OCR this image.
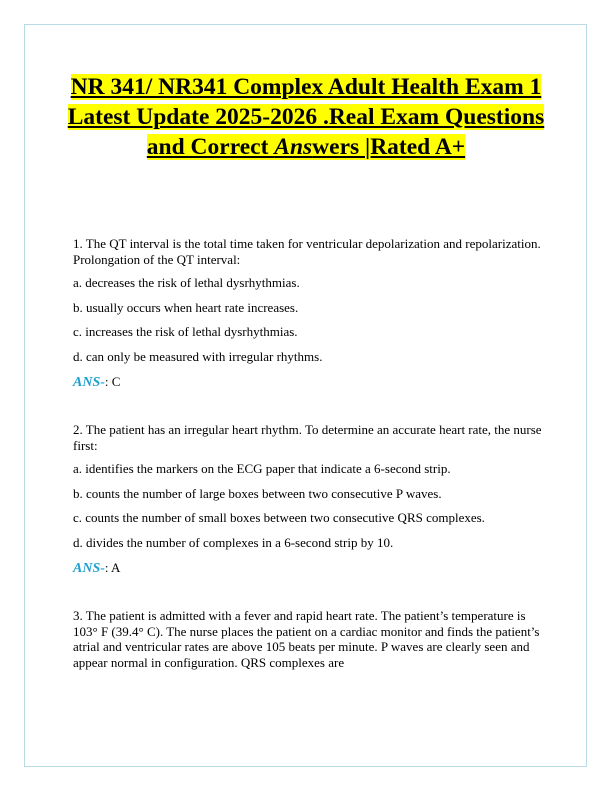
NR 341/ NR341 Complex Adult Health Exam 1 Latest Update 2025-2026 .Real Exam Questions and Correct Answers |Rated A+

1. The QT interval is the total time taken for ventricular depolarization and repolarization. Prolongation of the QT interval:

a. decreases the risk of lethal dysrhythmias.

b. usually occurs when heart rate increases.

c. increases the risk of lethal dysrhythmias.

d. can only be measured with irregular rhythms.

ANS-: C

2. The patient has an irregular heart rhythm. To determine an accurate heart rate, the nurse first:

a. identifies the markers on the ECG paper that indicate a 6-second strip.

b. counts the number of large boxes between two consecutive P waves.

c. counts the number of small boxes between two consecutive QRS complexes.

d. divides the number of complexes in a 6-second strip by 10.

ANS-: A

3. The patient is admitted with a fever and rapid heart rate. The patient’s temperature is 103° F (39.4° C). The nurse places the patient on a cardiac monitor and finds the patient’s atrial and ventricular rates are above 105 beats per minute. P waves are clearly seen and appear normal in configuration. QRS complexes are
